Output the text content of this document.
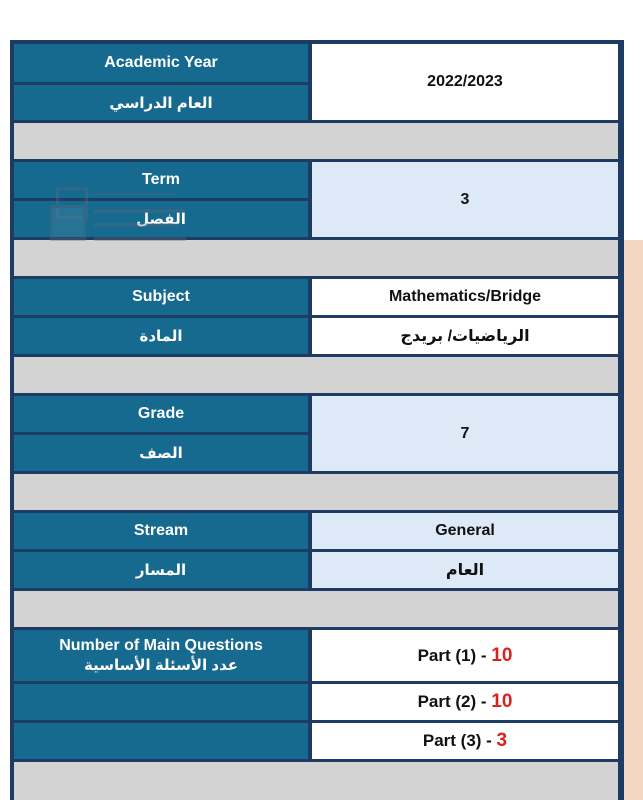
Academic Year
العام الدراسي
2022/2023
Term
الفصل
3
Subject
المادة
Mathematics/Bridge
الرياضيات/ بريدج
Grade
الصف
7
Stream
المسار
General
العام
Number of Main Questions
عدد الأسئلة الأساسية
Part (1) - 10
Part (2) - 10
Part (3) - 3
